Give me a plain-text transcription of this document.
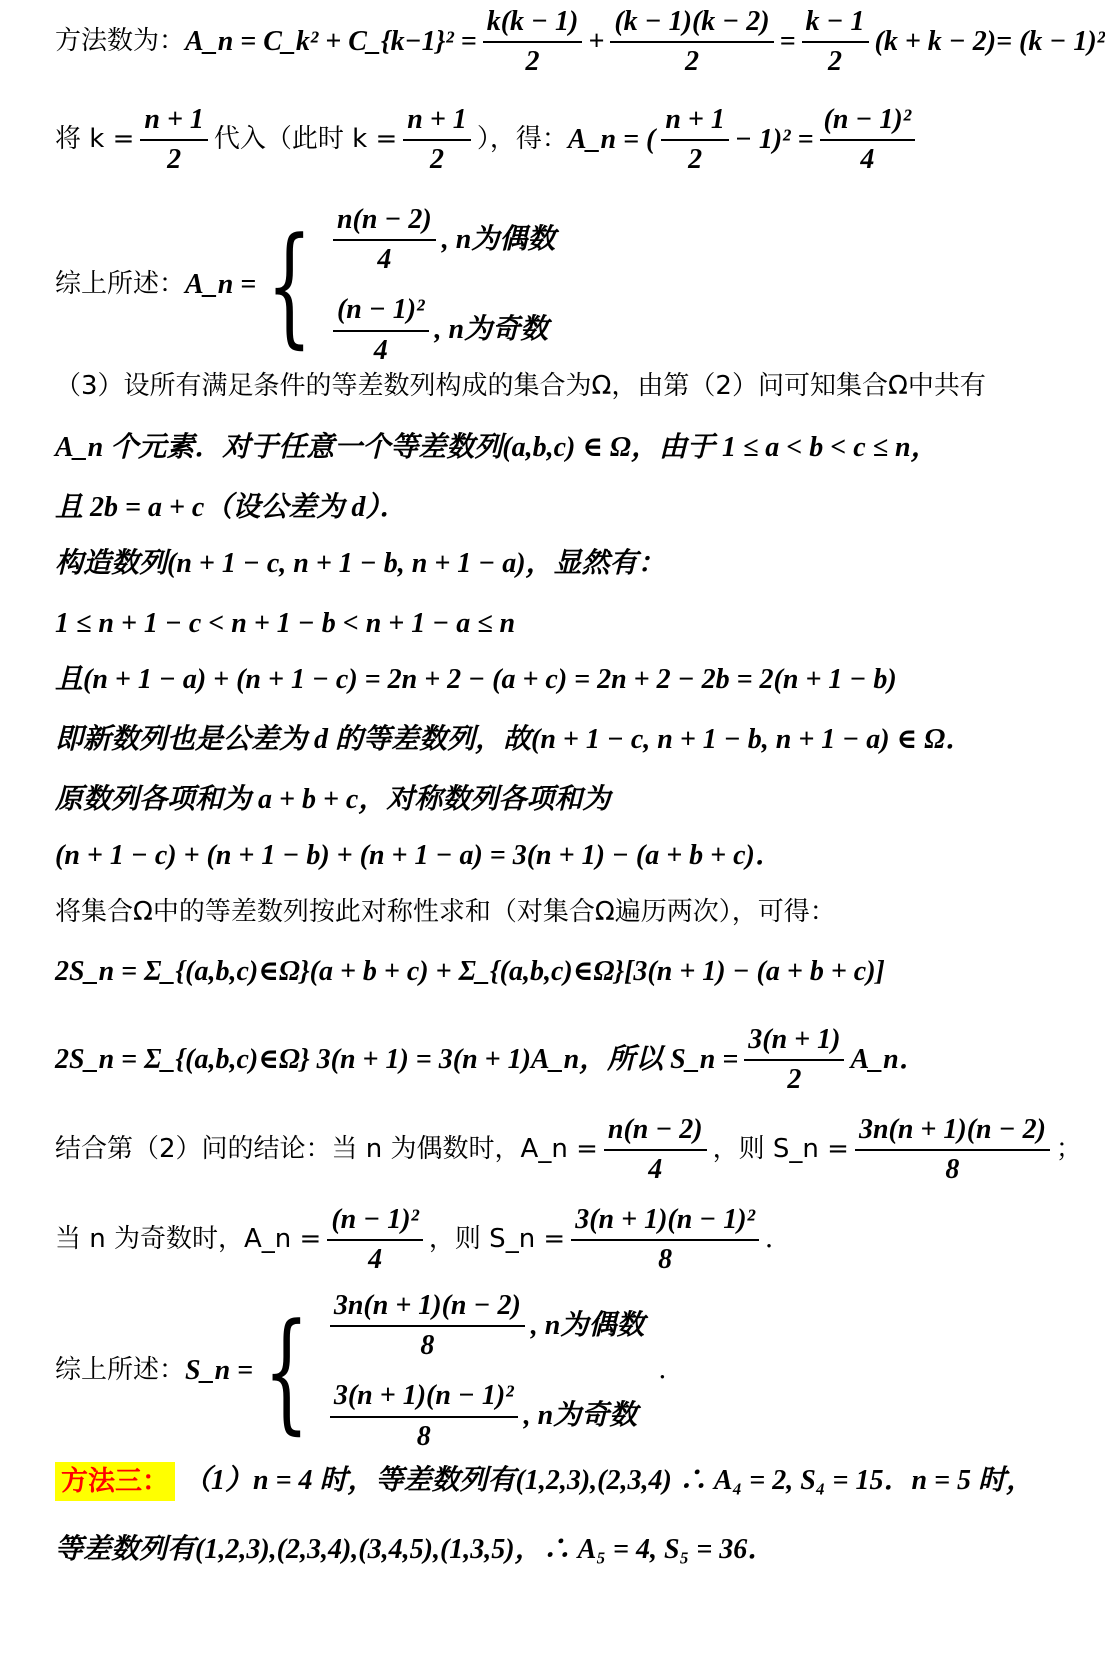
方法数为： A_n = C_k² + C_{k−1}² = $\frac{k(k - 1)}{2} + \frac{(k - 1)(k - 2)}{2} = \frac{k - 1}{2} (k + k - 2)= (k - 1)^2$
将 $k = \frac{n + 1}{2}$ 代入（此时 $k = \frac{n + 1}{2}$ ），得： A_n = ( $\frac{n + 1}{2} - 1)^2 = \frac{\text{(n − 1)²}}{4}$
综上所述： A_n = { $\frac{n(n - 2)}{4}$ , n为偶数
$\frac{\text{(n − 1)²}}{4}$ , n为奇数
（3）设所有满足条件的等差数列构成的集合为Ω，由第（2）问可知集合Ω中共有
A_n 个元素．对于任意一个等差数列(a,b,c) ∈ Ω，由于 1 ≤ a < b < c ≤ n，
且 2b = a + c（设公差为 d）．
构造数列(n + 1 − c, n + 1 − b, n + 1 − a)，显然有：
1 ≤ n + 1 − c < n + 1 − b < n + 1 − a ≤ n
且(n + 1 − a) + (n + 1 − c) = 2n + 2 − (a + c) = 2n + 2 − 2b = 2(n + 1 − b)
即新数列也是公差为 d 的等差数列，故(n + 1 − c, n + 1 − b, n + 1 − a) ∈ Ω．
原数列各项和为 a + b + c，对称数列各项和为
(n + 1 − c) + (n + 1 − b) + (n + 1 − a) = 3(n + 1) − (a + b + c)．
将集合Ω中的等差数列按此对称性求和（对集合Ω遍历两次），可得：
2S_n = Σ_{(a,b,c)∈Ω}(a + b + c) + Σ_{(a,b,c)∈Ω}[3(n + 1) − (a + b + c)]
2S_n = Σ_{(a,b,c)∈Ω} 3(n + 1) = 3(n + 1)A_n，所以 S_n = $\frac{3(n + 1)}{2}$ A_n．
结合第（2）问的结论：当 n 为偶数时，A_n = $\frac{n(n - 2)}{4}$ ，则 S_n = $\frac{3n(n + 1)(n - 2)}{8}$ ；
当 n 为奇数时，A_n = $\frac{\text{(n − 1)²}}{4}$ ，则 S_n = $\frac{\text{3(n + 1)(n − 1)²}}{8}$ ．
综上所述： S_n = { $\frac{3n(n + 1)(n - 2)}{8}$ , n为偶数
$\frac{\text{3(n + 1)(n − 1)²}}{8}$ , n为奇数
．
方法三： （1）n = 4 时，等差数列有(1,2,3),(2,3,4) ∴ A₄ = 2, S₄ = 15．n = 5 时，
等差数列有(1,2,3),(2,3,4),(3,4,5),(1,3,5)，∴ A₅ = 4, S₅ = 36．
